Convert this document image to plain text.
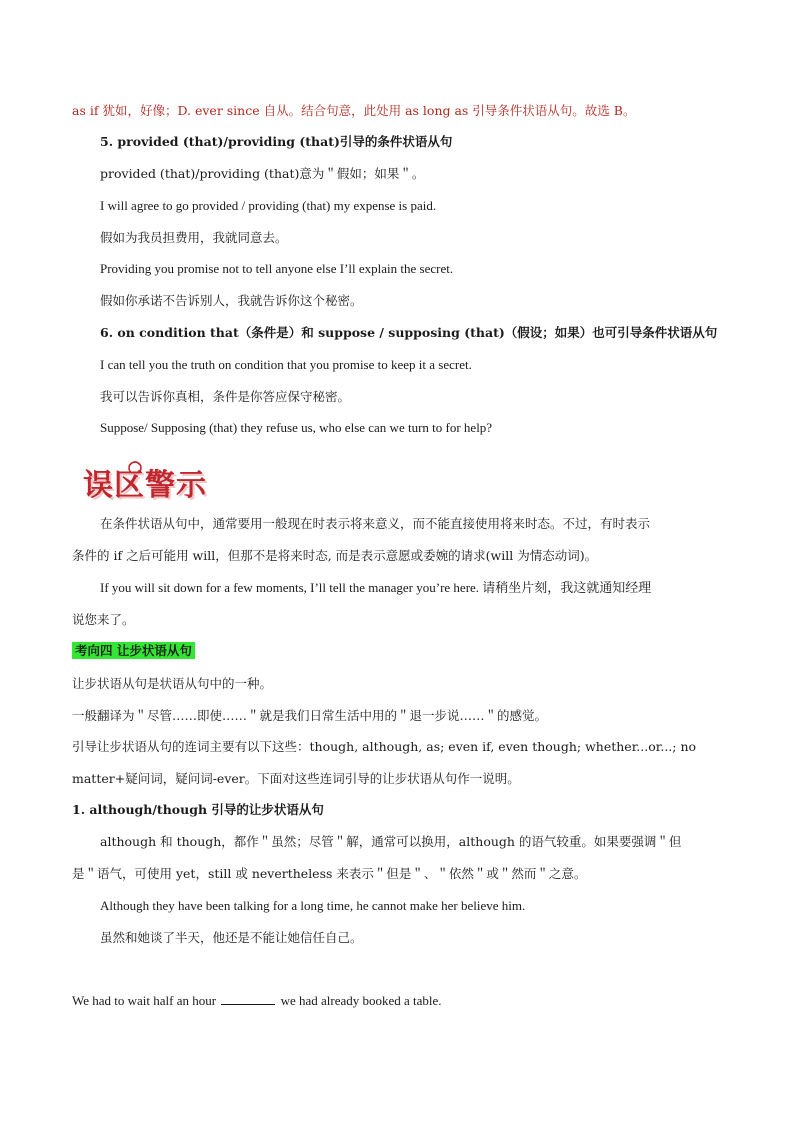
as if 犹如，好像；D. ever since 自从。结合句意，此处用 as long as 引导条件状语从句。故选 B。
5. provided (that)/providing (that)引导的条件状语从句
provided (that)/providing (that)意为＂假如；如果＂。
I will agree to go provided / providing (that) my expense is paid.
假如为我员担费用，我就同意去。
Providing you promise not to tell anyone else I’ll explain the secret.
假如你承诺不告诉别人，我就告诉你这个秘密。
6. on condition that（条件是）和 suppose / supposing (that)（假设；如果）也可引导条件状语从句
I can tell you the truth on condition that you promise to keep it a secret.
我可以告诉你真相，条件是你答应保守秘密。
Suppose/ Supposing (that) they refuse us, who else can we turn to for help?
误区警示
在条件状语从句中，通常要用一般现在时表示将来意义，而不能直接使用将来时态。不过，有时表示
条件的 if 之后可能用 will，但那不是将来时态, 而是表示意愿或委婉的请求(will 为情态动词)。
If you will sit down for a few moments, I’ll tell the manager you’re here. 请稍坐片刻，我这就通知经理
说您来了。
考向四 让步状语从句
让步状语从句是状语从句中的一种。
一般翻译为＂尽管……即使……＂就是我们日常生活中用的＂退一步说……＂的感觉。
引导让步状语从句的连词主要有以下这些：though, although, as; even if, even though; whether...or...; no
matter+疑问词，疑问词-ever。下面对这些连词引导的让步状语从句作一说明。
1. although/though 引导的让步状语从句
although 和 though，都作＂虽然；尽管＂解，通常可以换用，although 的语气较重。如果要强调＂但
是＂语气，可使用 yet，still 或 nevertheless 来表示＂但是＂、＂依然＂或＂然而＂之意。
Although they have been talking for a long time, he cannot make her believe him.
虽然和她谈了半天，他还是不能让她信任自己。
We had to wait half an hour	we had already booked a table.
